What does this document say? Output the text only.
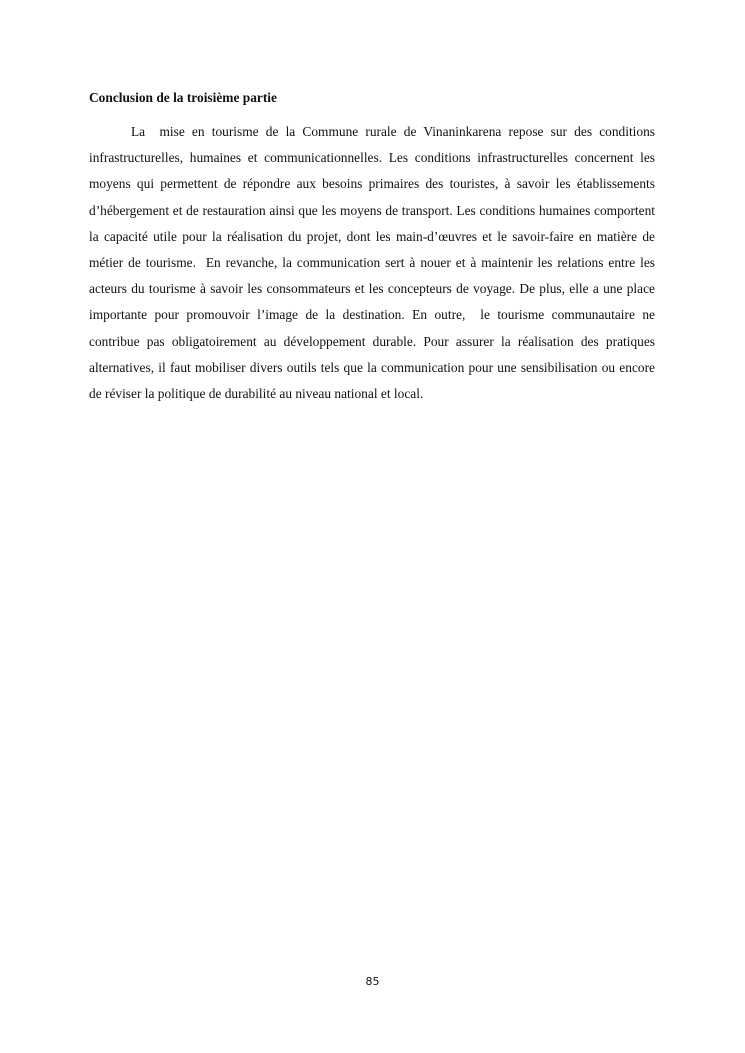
Conclusion de la troisième partie

La  mise en tourisme de la Commune rurale de Vinaninkarena repose sur des conditions infrastructurelles, humaines et communicationnelles. Les conditions infrastructurelles concernent les moyens qui permettent de répondre aux besoins primaires des touristes, à savoir les établissements d’hébergement et de restauration ainsi que les moyens de transport. Les conditions humaines comportent la capacité utile pour la réalisation du projet, dont les main-d’œuvres et le savoir-faire en matière de métier de tourisme.  En revanche, la communication sert à nouer et à maintenir les relations entre les acteurs du tourisme à savoir les consommateurs et les concepteurs de voyage. De plus, elle a une place importante pour promouvoir l’image de la destination. En outre,  le tourisme communautaire ne contribue pas obligatoirement au développement durable. Pour assurer la réalisation des pratiques alternatives, il faut mobiliser divers outils tels que la communication pour une sensibilisation ou encore de réviser la politique de durabilité au niveau national et local.

85
